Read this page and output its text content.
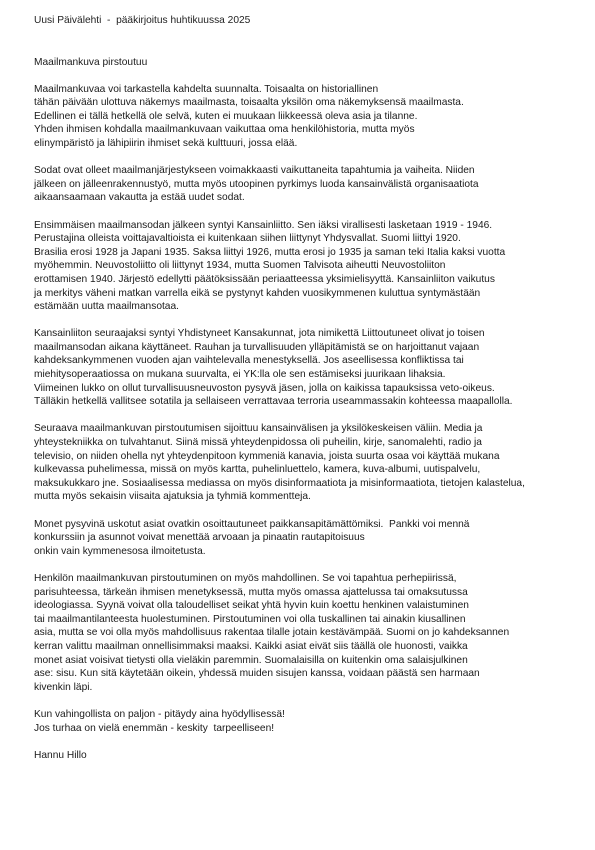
Uusi Päivälehti  -  pääkirjoitus huhtikuussa 2025
Maailmankuva pirstoutuu
Maailmankuvaa voi tarkastella kahdelta suunnalta. Toisaalta on historiallinen
tähän päivään ulottuva näkemys maailmasta, toisaalta yksilön oma näkemyksensä maailmasta.
Edellinen ei tällä hetkellä ole selvä, kuten ei muukaan liikkeessä oleva asia ja tilanne.
Yhden ihmisen kohdalla maailmankuvaan vaikuttaa oma henkilöhistoria, mutta myös
elinympäristö ja lähipiirin ihmiset sekä kulttuuri, jossa elää.
Sodat ovat olleet maailmanjärjestykseen voimakkaasti vaikuttaneita tapahtumia ja vaiheita. Niiden
jälkeen on jälleenrakennustyö, mutta myös utoopinen pyrkimys luoda kansainvälistä organisaatiota
aikaansaamaan vakautta ja estää uudet sodat.
Ensimmäisen maailmansodan jälkeen syntyi Kansainliitto. Sen iäksi virallisesti lasketaan 1919 - 1946.
Perustajina olleista voittajavaltioista ei kuitenkaan siihen liittynyt Yhdysvallat. Suomi liittyi 1920.
Brasilia erosi 1928 ja Japani 1935. Saksa liittyi 1926, mutta erosi jo 1935 ja saman teki Italia kaksi vuotta
myöhemmin. Neuvostoliitto oli liittynyt 1934, mutta Suomen Talvisota aiheutti Neuvostoliiton
erottamisen 1940. Järjestö edellytti päätöksissään periaatteessa yksimielisyyttä. Kansainliiton vaikutus
ja merkitys väheni matkan varrella eikä se pystynyt kahden vuosikymmenen kuluttua syntymästään
estämään uutta maailmansotaa.
Kansainliiton seuraajaksi syntyi Yhdistyneet Kansakunnat, jota nimikettä Liittoutuneet olivat jo toisen
maailmansodan aikana käyttäneet. Rauhan ja turvallisuuden ylläpitämistä se on harjoittanut vajaan
kahdeksankymmenen vuoden ajan vaihtelevalla menestyksellä. Jos aseellisessa konfliktissa tai
miehitysoperaatiossa on mukana suurvalta, ei YK:lla ole sen estämiseksi juurikaan lihaksia.
Viimeinen lukko on ollut turvallisuusneuvoston pysyvä jäsen, jolla on kaikissa tapauksissa veto-oikeus.
Tälläkin hetkellä vallitsee sotatila ja sellaiseen verrattavaa terroria useammassakin kohteessa maapallolla.
Seuraava maailmankuvan pirstoutumisen sijoittuu kansainvälisen ja yksilökeskeisen väliin. Media ja
yhteystekniikka on tulvahtanut. Siinä missä yhteydenpidossa oli puheilin, kirje, sanomalehti, radio ja
televisio, on niiden ohella nyt yhteydenpitoon kymmeniä kanavia, joista suurta osaa voi käyttää mukana
kulkevassa puhelimessa, missä on myös kartta, puhelinluettelo, kamera, kuva-albumi, uutispalvelu,
maksukukkaro jne. Sosiaalisessa mediassa on myös disinformaatiota ja misinformaatiota, tietojen kalastelua,
mutta myös sekaisin viisaita ajatuksia ja tyhmiä kommentteja.
Monet pysyvinä uskotut asiat ovatkin osoittautuneet paikkansapitämättömiksi.  Pankki voi mennä
konkurssiin ja asunnot voivat menettää arvoaan ja pinaatin rautapitoisuus
onkin vain kymmenesosa ilmoitetusta.
Henkilön maailmankuvan pirstoutuminen on myös mahdollinen. Se voi tapahtua perhepiirissä,
parisuhteessa, tärkeän ihmisen menetyksessä, mutta myös omassa ajattelussa tai omaksutussa
ideologiassa. Syynä voivat olla taloudelliset seikat yhtä hyvin kuin koettu henkinen valaistuminen
tai maailmantilanteesta huolestuminen. Pirstoutuminen voi olla tuskallinen tai ainakin kiusallinen
asia, mutta se voi olla myös mahdollisuus rakentaa tilalle jotain kestävämpää. Suomi on jo kahdeksannen
kerran valittu maailman onnellisimmaksi maaksi. Kaikki asiat eivät siis täällä ole huonosti, vaikka
monet asiat voisivat tietysti olla vieläkin paremmin. Suomalaisilla on kuitenkin oma salaisjulkinen
ase: sisu. Kun sitä käytetään oikein, yhdessä muiden sisujen kanssa, voidaan päästä sen harmaan
kivenkin läpi.
Kun vahingollista on paljon - pitäydy aina hyödyllisessä!
Jos turhaa on vielä enemmän - keskity  tarpeelliseen!
Hannu Hillo
